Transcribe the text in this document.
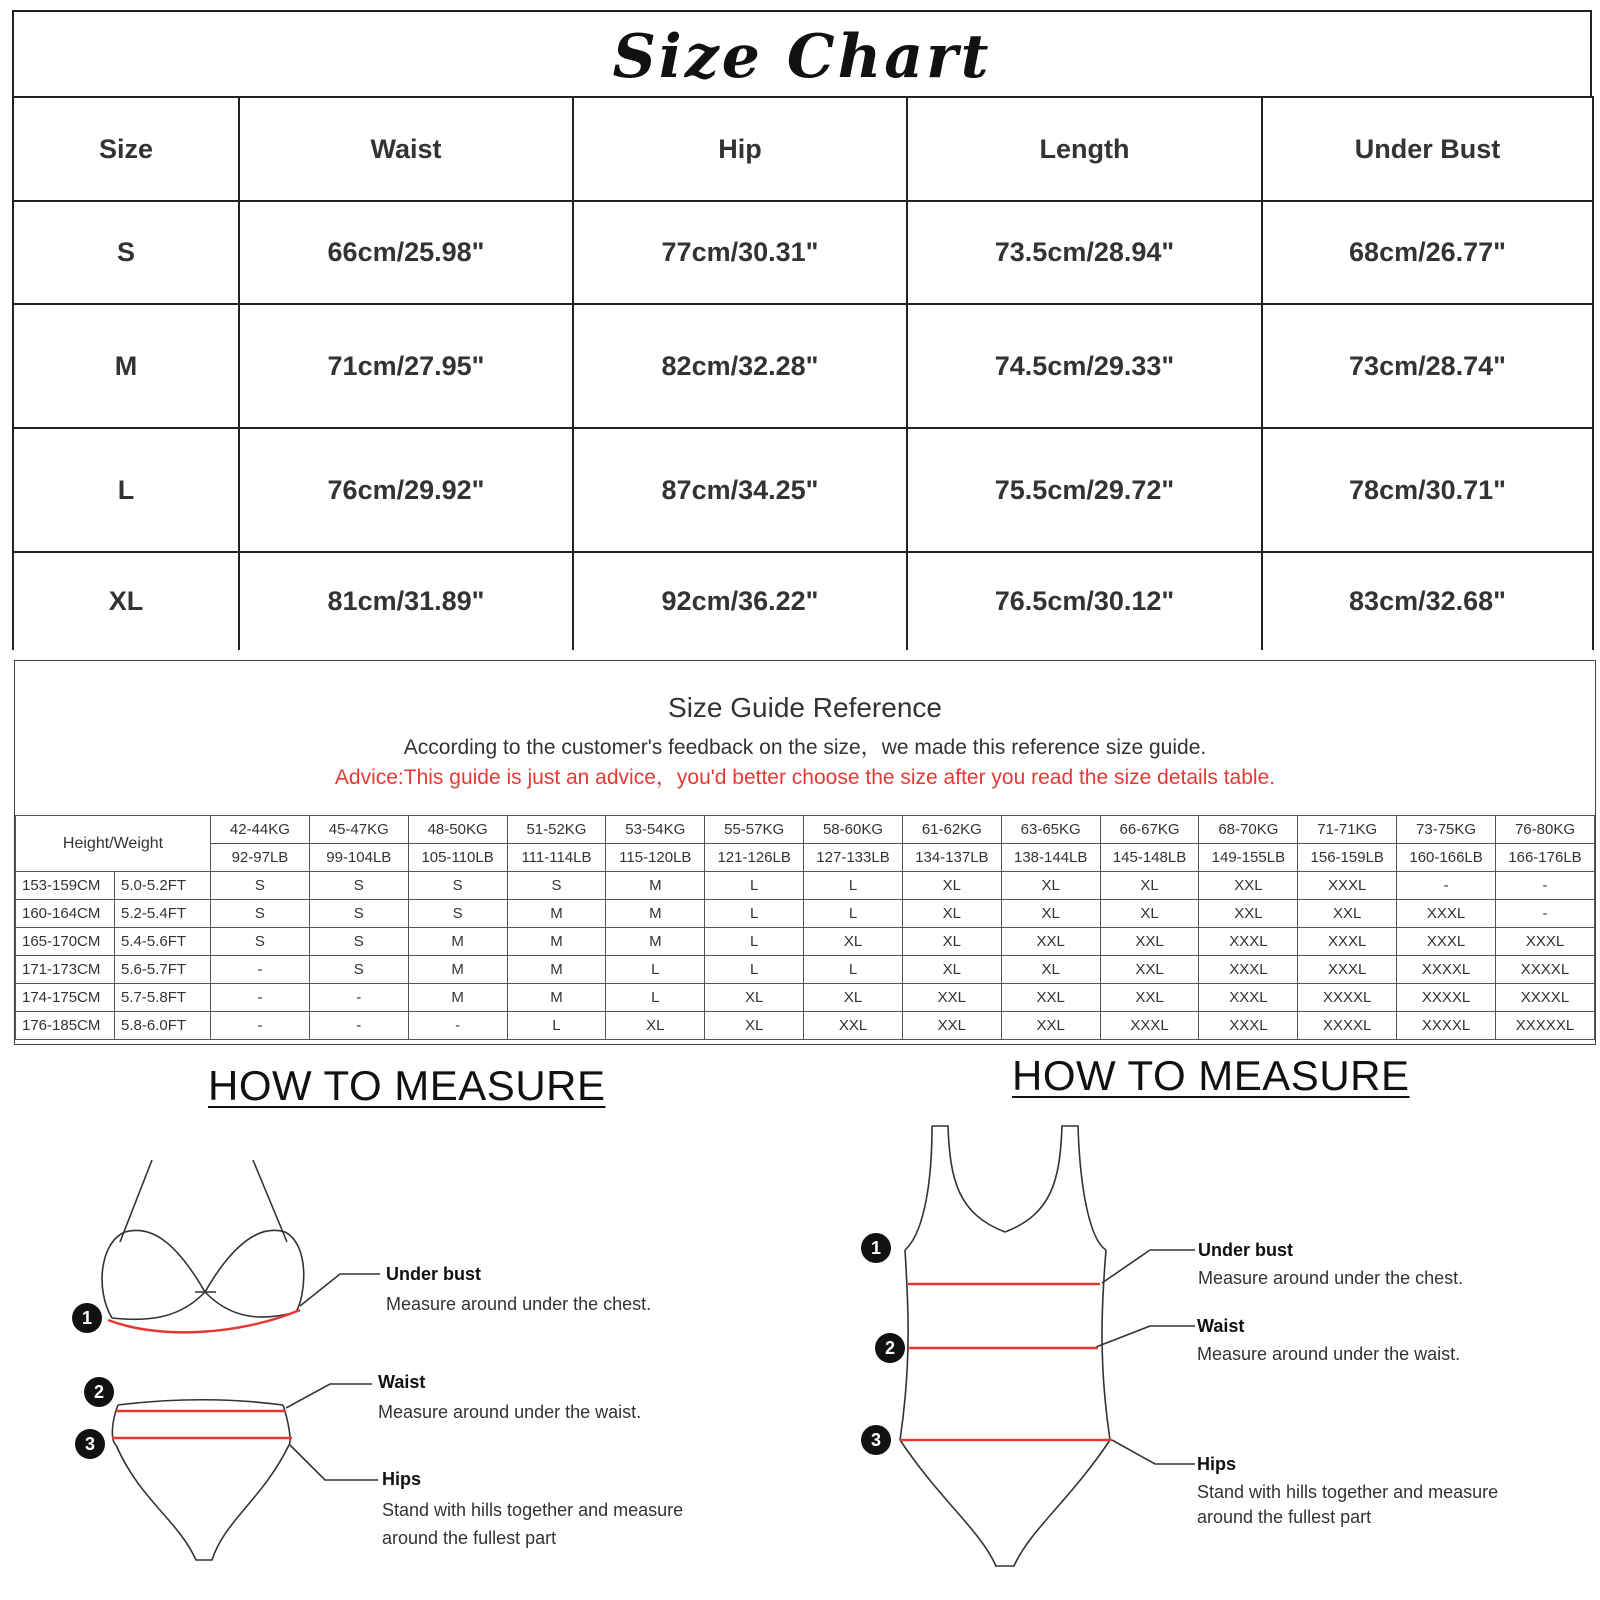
Size Chart
Size	Waist	Hip	Length	Under Bust
S	66cm/25.98"	77cm/30.31"	73.5cm/28.94"	68cm/26.77"
M	71cm/27.95"	82cm/32.28"	74.5cm/29.33"	73cm/28.74"
L	76cm/29.92"	87cm/34.25"	75.5cm/29.72"	78cm/30.71"
XL	81cm/31.89"	92cm/36.22"	76.5cm/30.12"	83cm/32.68"
Size Guide Reference
According to the customer's feedback on the size，we made this reference size guide.
Advice:This guide is just an advice，you'd better choose the size after you read the size details table.
Height/Weight		42-44KG	45-47KG	48-50KG	51-52KG	53-54KG	55-57KG	58-60KG	61-62KG	63-65KG	66-67KG	68-70KG	71-71KG	73-75KG	76-80KG
		92-97LB	99-104LB	105-110LB	111-114LB	115-120LB	121-126LB	127-133LB	134-137LB	138-144LB	145-148LB	149-155LB	156-159LB	160-166LB	166-176LB
153-159CM	5.0-5.2FT	S	S	S	S	M	L	L	XL	XL	XL	XXL	XXXL	-	-
160-164CM	5.2-5.4FT	S	S	S	M	M	L	L	XL	XL	XL	XXL	XXL	XXXL	-
165-170CM	5.4-5.6FT	S	S	M	M	M	L	XL	XL	XXL	XXL	XXXL	XXXL	XXXL	XXXL
171-173CM	5.6-5.7FT	-	S	M	M	L	L	L	XL	XL	XXL	XXXL	XXXL	XXXXL	XXXXL
174-175CM	5.7-5.8FT	-	-	M	M	L	XL	XL	XXL	XXL	XXL	XXXL	XXXXL	XXXXL	XXXXL
176-185CM	5.8-6.0FT	-	-	-	L	XL	XL	XXL	XXL	XXL	XXXL	XXXL	XXXXL	XXXXL	XXXXXL
HOW TO MEASURE	HOW TO MEASURE
1
2
3
1
2
3
Under bust
Measure around under the chest.
Waist
Measure around under the waist.
Hips
Stand with hills together and measure
around the fullest part
Under bust
Measure around under the chest.
Waist
Measure around under the waist.
Hips
Stand with hills together and measure
around the fullest part
